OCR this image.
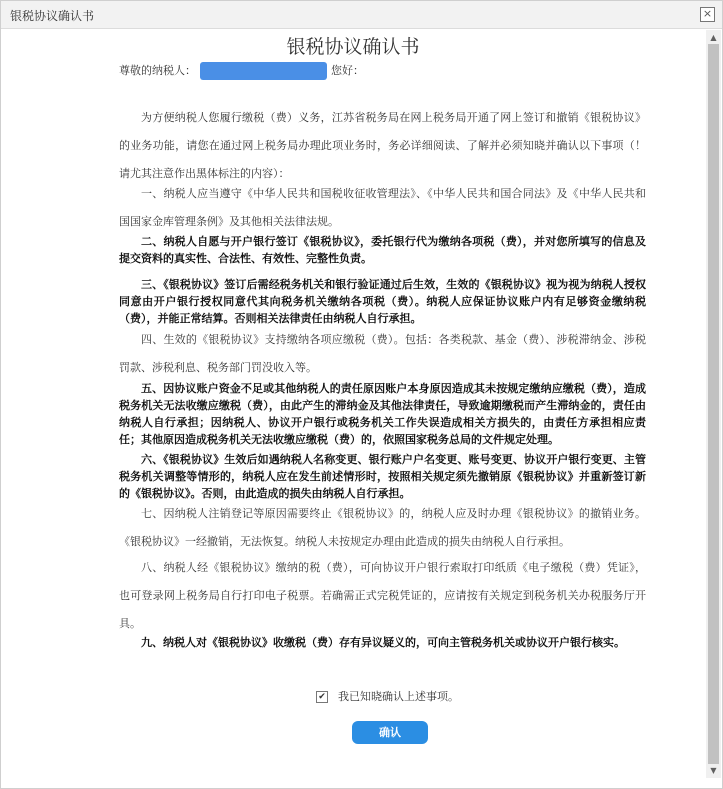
银税协议确认书	×
银税协议确认书
尊敬的纳税人：	您好：
为方便纳税人您履行缴税（费）义务，江苏省税务局在网上税务局开通了网上签订和撤销《银税协议》的业务功能，请您在通过网上税务局办理此项业务时，务必详细阅读、了解并必须知晓并确认以下事项（！请尤其注意作出黑体标注的内容）：
一、纳税人应当遵守《中华人民共和国税收征收管理法》、《中华人民共和国合同法》及《中华人民共和国国家金库管理条例》及其他相关法律法规。
二、纳税人自愿与开户银行签订《银税协议》，委托银行代为缴纳各项税（费），并对您所填写的信息及提交资料的真实性、合法性、有效性、完整性负责。
三、《银税协议》签订后需经税务机关和银行验证通过后生效，生效的《银税协议》视为视为纳税人授权同意由开户银行授权同意代其向税务机关缴纳各项税（费）。纳税人应保证协议账户内有足够资金缴纳税（费），并能正常结算。否则相关法律责任由纳税人自行承担。
四、生效的《银税协议》支持缴纳各项应缴税（费）。包括：各类税款、基金（费）、涉税滞纳金、涉税罚款、涉税利息、税务部门罚没收入等。
五、因协议账户资金不足或其他纳税人的责任原因账户本身原因造成其未按规定缴纳应缴税（费），造成税务机关无法收缴应缴税（费），由此产生的滞纳金及其他法律责任，导致逾期缴税而产生滞纳金的，责任由纳税人自行承担；因纳税人、协议开户银行或税务机关工作失误造成相关方损失的，由责任方承担相应责任；其他原因造成税务机关无法收缴应缴税（费）的，依照国家税务总局的文件规定处理。
六、《银税协议》生效后如遇纳税人名称变更、银行账户户名变更、账号变更、协议开户银行变更、主管税务机关调整等情形的，纳税人应在发生前述情形时，按照相关规定须先撤销原《银税协议》并重新签订新的《银税协议》。否则，由此造成的损失由纳税人自行承担。
七、因纳税人注销登记等原因需要终止《银税协议》的，纳税人应及时办理《银税协议》的撤销业务。《银税协议》一经撤销，无法恢复。纳税人未按规定办理由此造成的损失由纳税人自行承担。
八、纳税人经《银税协议》缴纳的税（费），可向协议开户银行索取打印纸质《电子缴税（费）凭证》，也可登录网上税务局自行打印电子税票。若确需正式完税凭证的，应请按有关规定到税务机关办税服务厅开具。
九、纳税人对《银税协议》收缴税（费）存有异议疑义的，可向主管税务机关或协议开户银行核实。
✔ 我已知晓确认上述事项。
确认
▲
▼
